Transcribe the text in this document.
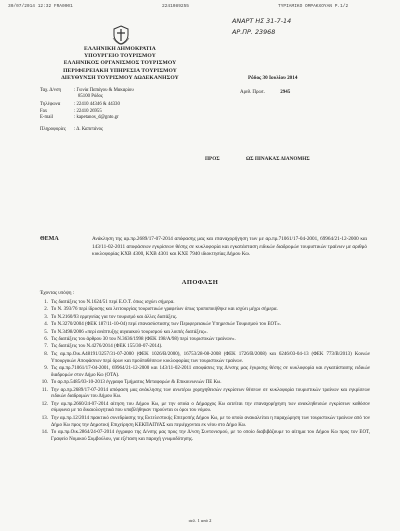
30/07/2014 12:32 FRA0001	2241089255	TYPIAMIKO OMPAKXOYAN P.1/2
ΑΝΑΡΤ ΗΣ 31-7-14
ΑΡ.ΠΡ. 23968
ΕΛΛΗΝΙΚΗ ΔΗΜΟΚΡΑΤΙΑ
ΥΠΟΥΡΓΕΙΟ ΤΟΥΡΙΣΜΟΥ
ΕΛΛΗΝΙΚΟΣ ΟΡΓΑΝΙΣΜΟΣ ΤΟΥΡΙΣΜΟΥ
ΠΕΡΙΦΕΡΕΙΑΚΗ ΥΠΗΡΕΣΙΑ ΤΟΥΡΙΣΜΟΥ
ΔΙΕΥΘΥΝΣΗ ΤΟΥΡΙΣΜΟΥ ΔΩΔΕΚΑΝΗΣΟΥ
Ταχ. Δ/νση	: Γωνία Παπάγου & Μακαρίου
85100 Ρόδος
Τηλέφωνα	: 22410 44346 & 44330
Fax	: 22410 26955
E-mail	: kapetanos_d@gnto.gr
Πληροφορίες	: Δ. Καπετάνος
Ρόδος 30 Ιουλίου 2014
Αριθ. Πρωτ.	2945
ΠΡΟΣ	ΩΣ ΠΙΝΑΚΑΣ ΔΙΑΝΟΜΗΣ
ΘΕΜΑ	Ανάκληση της αρ.πρ.2689/17-07-2014 απόφασης μας και επαναχορήγηση των με αρ.πρ.71061/17-04-2001, 69964/21-12-2000 και 143/11-02-2011 αποφάσεων εγκρίσεων θέσης σε κυκλοφορία και εγκατάσταση ειδικών διαδρομών τουριστικών τραίνων με αριθμό κυκλοφορίας ΚΧΒ 4300, ΚΧΒ 4301 και ΚΧΕ 7940 ιδιοκτησίας Δήμου Κω.
ΑΠΟΦΑΣΗ
Έχοντας υπόψη :
1. Τις διατάξεις του Ν.1624/51 περί Ε.Ο.Τ. όπως ισχύει σήμερα.
2. Το Ν. 393/76 περί ίδρυσης και λειτουργίας τουριστικών γραφείων όπως τροποποιήθηκε και ισχύει μέχρι σήμερα.
3. Το Ν.2160/93 ερμηνείας για τον τουρισμό και άλλες διατάξεις.
4. Το Ν.3270/2004 (ΦΕΚ 187/11-10-04) περί επανασύστασης των Περιφερειακών Υπηρεσιών Τουρισμού του ΕΟΤ».
5. Το Ν.3498/2006 «περί ανάπτυξης αιγαιακού τουρισμού και λοιπές διατάξεις».
6. Τις διατάξεις του άρθρου 30 του Ν.3636/1998 (ΦΕΚ 198/Α/98) περί τουριστικών τραίνων».
7. Τις διατάξεις του Ν.4276/2014 (ΦΕΚ 155/30-07-2014).
8. Τις αρ.πρ.Οικ.Α48191/3257/31-07-2000 (ΦΕΚ 1026/Β/2000), 16753/28-08-2008 (ΦΕΚ 1726/Β/2008) και 6246/03-04-13 (ΦΕΚ 773/Β/2013) Κοινών Υπουργικών Αποφάσεων περί όρων και προϋποθέσεων κυκλοφορίας των τουριστικών τραίνων.
9. Τις αρ.πρ.71061/17-04-2001, 69964/21-12-2000 και 143/11-02-2011 αποφάσεις της Δ/νσης μας έγκρισης θέσης σε κυκλοφορία και εγκατάστασης ειδικών διαδρομών στον Δήμο Κω (ΟΤΑ).
10. Το αρ.πρ.5485/03-10-2013 έγγραφο Τμήματος Μεταφορών & Επικοινωνιών ΠΕ Κω.
11. Την αρ.πρ.2689/17-07-2014 απόφαση μας ανάκλησης των ανωτέρω χορηγηθεισών εγκρίσεων θέσεων σε κυκλοφορία τουριστικών τραίνων και εγκρίσεων ειδικών διαδρομών του Δήμου Κω.
12. Την αρ.πρ.2660/24-07-2014 αίτηση του Δήμου Κω, με την οποία ο Δήμαρχος Κω αιτείται την επαναχορήγηση των ανακληθεισών εγκρίσεων καθόσον σύμφωνα με τα δικαιολογητικά που υποβλήθηκαν τηρούνται οι όροι του νόμου.
13. Την αρ.πρ.12/2014 πρακτικό συνεδρίασης της Εκτελεστικής Επιτροπής Δήμου Κω, με το οποίο ανακαλείται η παραχώρηση των τουριστικών τραίνων από τον Δήμο Κω προς την Δημοτική Επιχείρηση ΚΕΚΠΑΠΥΑΣ και περιέρχονται εκ νέου στο Δήμο Κω.
14. Το αρ.πρ.Οικ.2864/24-07-2014 έγγραφο της Δ/νσης μας προς την Δ/νση Συντονισμού, με το οποίο διαβιβάζουμε το αίτημα του Δήμου Κω προς τον ΕΟΤ, Γραφείο Νομικού Συμβούλου, για εξέταση και παροχή γνωμοδότησης.
σελ. 1 από 2
